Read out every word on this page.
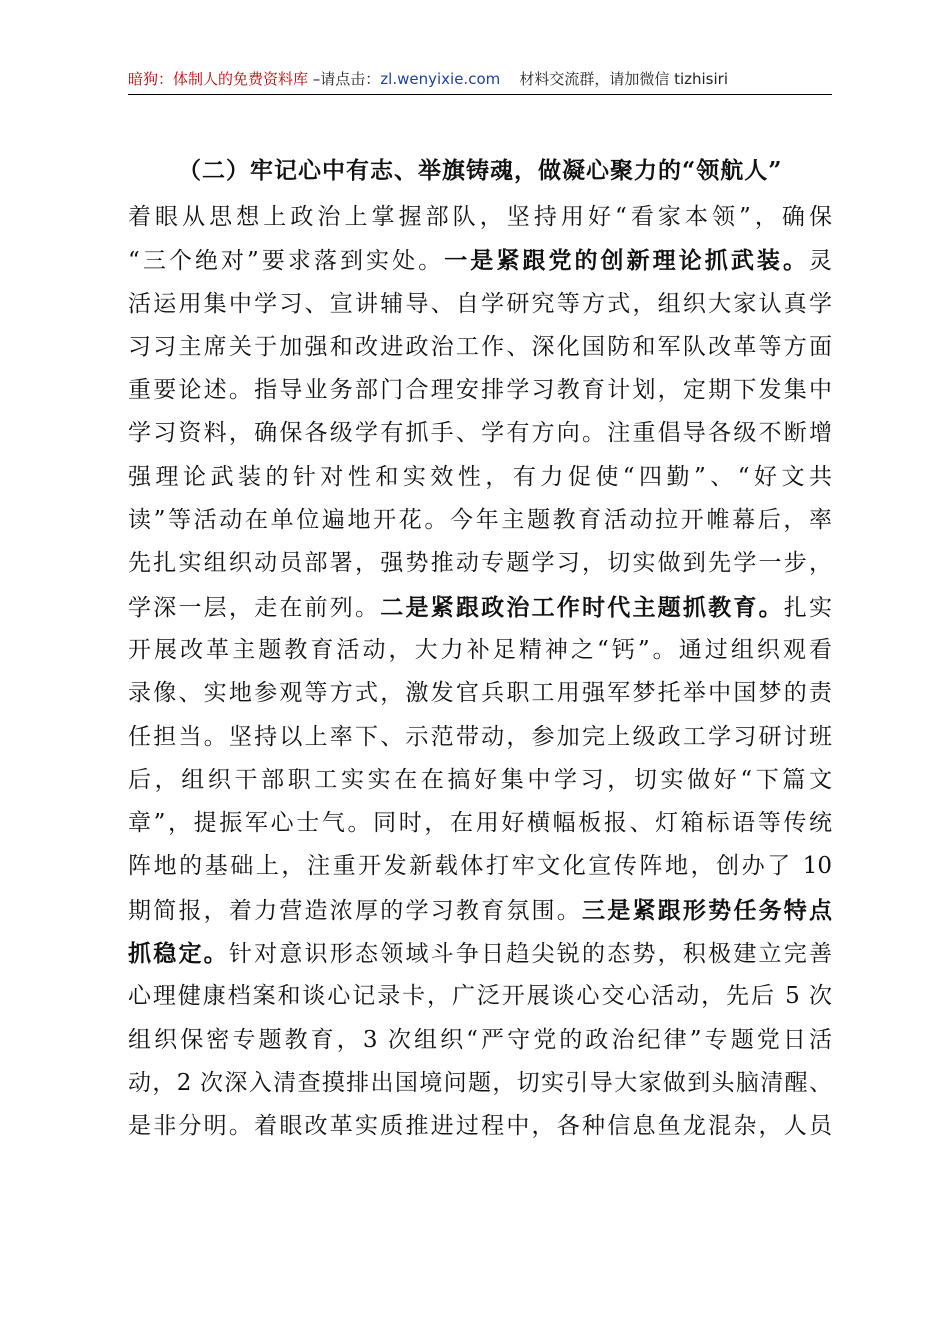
暗狗：体制人的免费资料库 –请点击：zl.wenyixie.com 材料交流群，请加微信 tizhisiri
（二）牢记心中有志、举旗铸魂，做凝心聚力的“领航人”
着眼从思想上政治上掌握部队，坚持用好“看家本领”，确保
“三个绝对”要求落到实处。一是紧跟党的创新理论抓武装。灵
活运用集中学习、宣讲辅导、自学研究等方式，组织大家认真学
习习主席关于加强和改进政治工作、深化国防和军队改革等方面
重要论述。指导业务部门合理安排学习教育计划，定期下发集中
学习资料，确保各级学有抓手、学有方向。注重倡导各级不断增
强理论武装的针对性和实效性，有力促使“四勤”、“好文共
读”等活动在单位遍地开花。今年主题教育活动拉开帷幕后，率
先扎实组织动员部署，强势推动专题学习，切实做到先学一步，
学深一层，走在前列。二是紧跟政治工作时代主题抓教育。扎实
开展改革主题教育活动，大力补足精神之“钙”。通过组织观看
录像、实地参观等方式，激发官兵职工用强军梦托举中国梦的责
任担当。坚持以上率下、示范带动，参加完上级政工学习研讨班
后，组织干部职工实实在在搞好集中学习，切实做好“下篇文
章”，提振军心士气。同时，在用好横幅板报、灯箱标语等传统
阵地的基础上，注重开发新载体打牢文化宣传阵地，创办了 10
期简报，着力营造浓厚的学习教育氛围。三是紧跟形势任务特点
抓稳定。针对意识形态领域斗争日趋尖锐的态势，积极建立完善
心理健康档案和谈心记录卡，广泛开展谈心交心活动，先后 5 次
组织保密专题教育，3 次组织“严守党的政治纪律”专题党日活
动，2 次深入清查摸排出国境问题，切实引导大家做到头脑清醒、
是非分明。着眼改革实质推进过程中，各种信息鱼龙混杂，人员
